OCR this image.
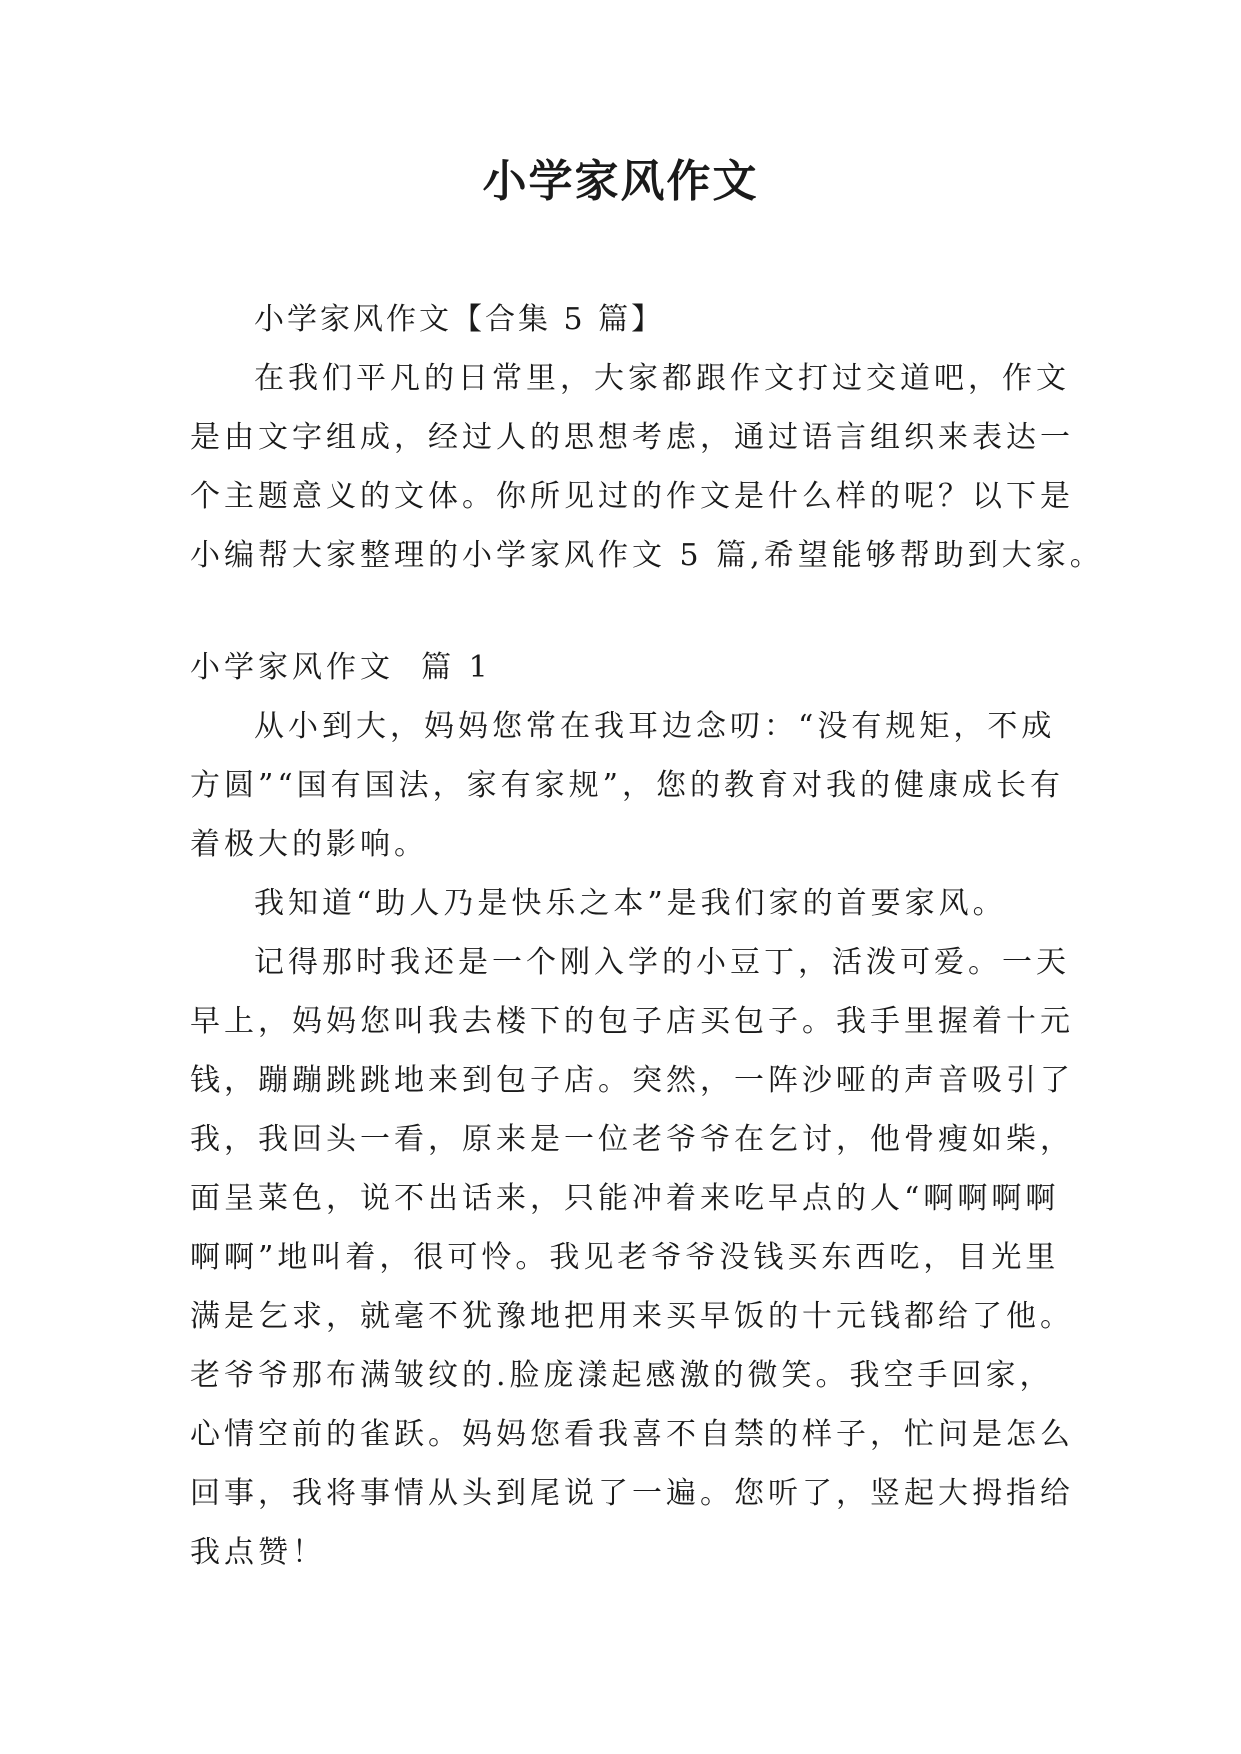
小学家风作文
小学家风作文【合集 5 篇】
在我们平凡的日常里，大家都跟作文打过交道吧，作文
是由文字组成，经过人的思想考虑，通过语言组织来表达一
个主题意义的文体。你所见过的作文是什么样的呢？以下是
小编帮大家整理的小学家风作文 5 篇,希望能够帮助到大家。
小学家风作文  篇 1
从小到大，妈妈您常在我耳边念叨：“没有规矩，不成
方圆”“国有国法，家有家规”，您的教育对我的健康成长有
着极大的影响。
我知道“助人乃是快乐之本”是我们家的首要家风。
记得那时我还是一个刚入学的小豆丁，活泼可爱。一天
早上，妈妈您叫我去楼下的包子店买包子。我手里握着十元
钱，蹦蹦跳跳地来到包子店。突然，一阵沙哑的声音吸引了
我，我回头一看，原来是一位老爷爷在乞讨，他骨瘦如柴，
面呈菜色，说不出话来，只能冲着来吃早点的人“啊啊啊啊
啊啊”地叫着，很可怜。我见老爷爷没钱买东西吃，目光里
满是乞求，就毫不犹豫地把用来买早饭的十元钱都给了他。
老爷爷那布满皱纹的.脸庞漾起感激的微笑。我空手回家，
心情空前的雀跃。妈妈您看我喜不自禁的样子，忙问是怎么
回事，我将事情从头到尾说了一遍。您听了，竖起大拇指给
我点赞！
